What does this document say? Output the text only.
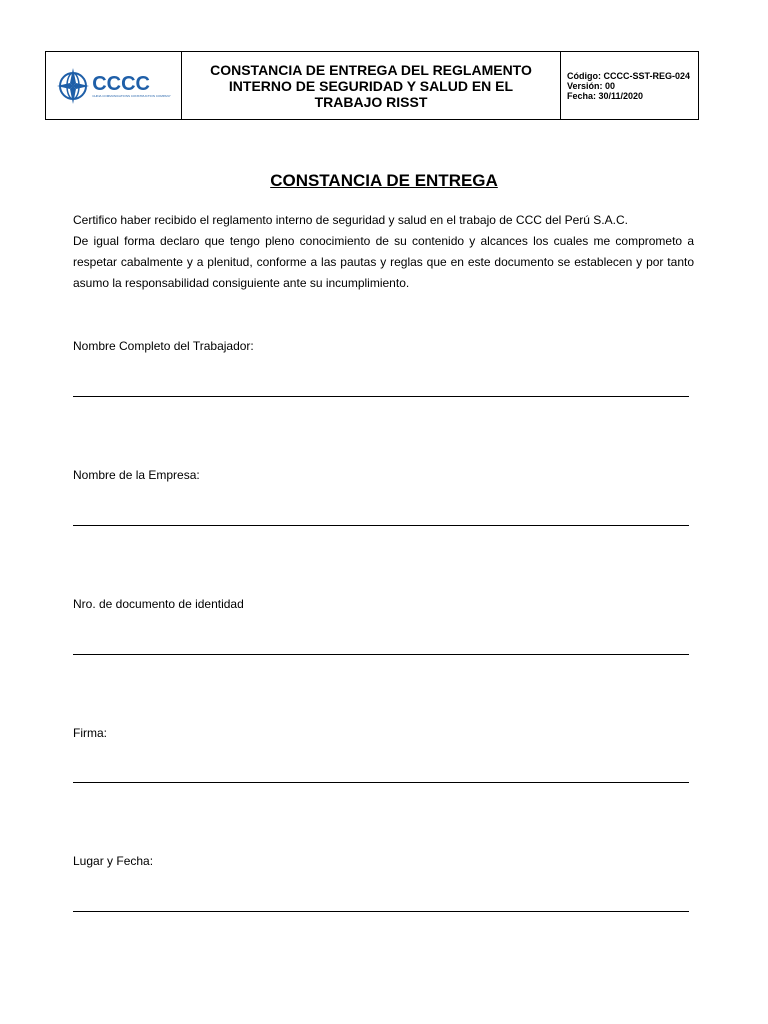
CCCC
CHINA COMMUNICATIONS CONSTRUCTION COMPANY
CONSTANCIA DE ENTREGA DEL REGLAMENTO
INTERNO DE SEGURIDAD Y SALUD EN EL
TRABAJO RISST
Código: CCCC-SST-REG-024
Versión: 00
Fecha: 30/11/2020
CONSTANCIA DE ENTREGA

Certifico haber recibido el reglamento interno de seguridad y salud en el trabajo de CCC del Perú S.A.C.

De igual forma declaro que tengo pleno conocimiento de su contenido y alcances los cuales me comprometo a respetar cabalmente y a plenitud, conforme a las pautas y reglas que en este documento se establecen y por tanto asumo la responsabilidad consiguiente ante su incumplimiento.

Nombre Completo del Trabajador:
Nombre de la Empresa:
Nro. de documento de identidad
Firma:
Lugar y Fecha:
